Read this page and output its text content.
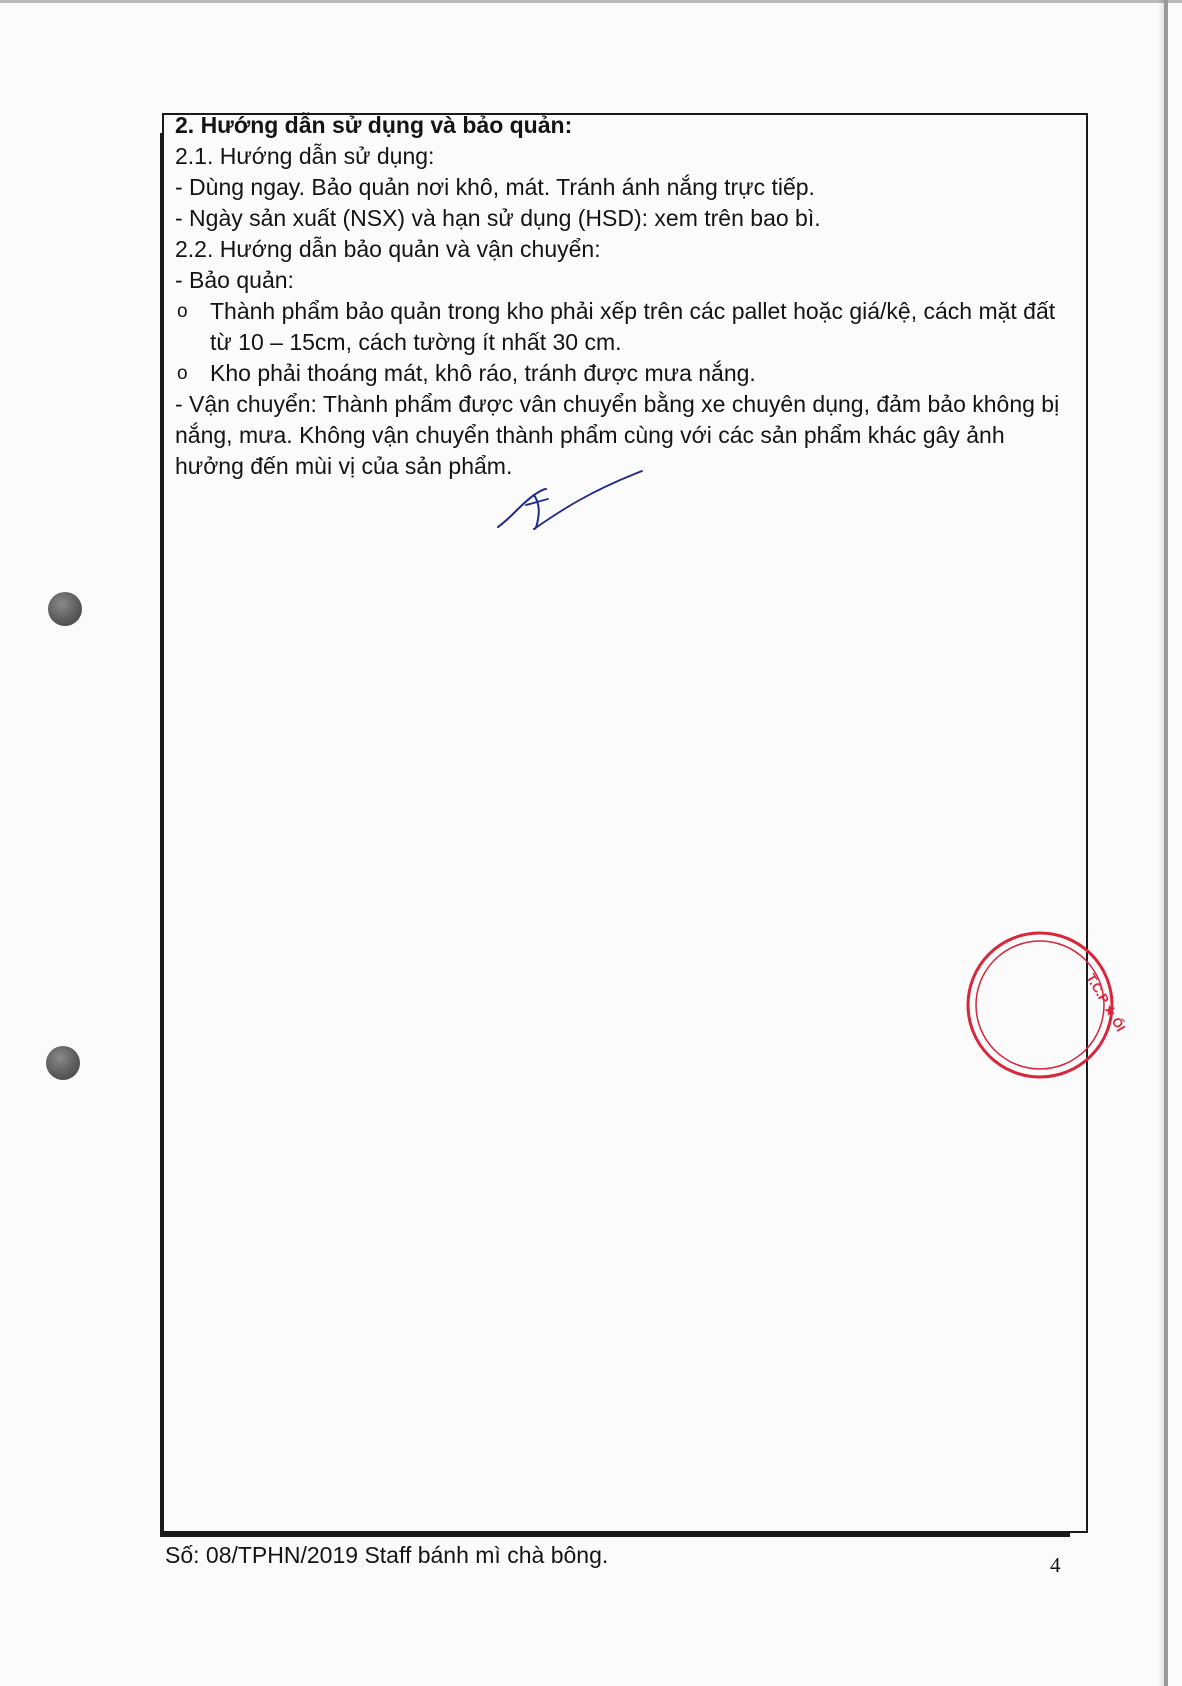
2. Hướng dẫn sử dụng và bảo quản:

2.1. Hướng dẫn sử dụng:

- Dùng ngay. Bảo quản nơi khô, mát. Tránh ánh nắng trực tiếp.

- Ngày sản xuất (NSX) và hạn sử dụng (HSD): xem trên bao bì.

2.2. Hướng dẫn bảo quản và vận chuyển:

- Bảo quản:

o Thành phẩm bảo quản trong kho phải xếp trên các pallet hoặc giá/kệ, cách mặt đất từ 10 – 15cm, cách tường ít nhất 30 cm.

o Kho phải thoáng mát, khô ráo, tránh được mưa nắng.

- Vận chuyển: Thành phẩm được vân chuyển bằng xe chuyên dụng, đảm bảo không bị nắng, mưa. Không vận chuyển thành phẩm cùng với các sản phẩm khác gây ảnh hưởng đến mùi vị của sản phẩm.

T.C.P ★ ỔI
Số: 08/TPHN/2019 Staff bánh mì chà bông.	4
